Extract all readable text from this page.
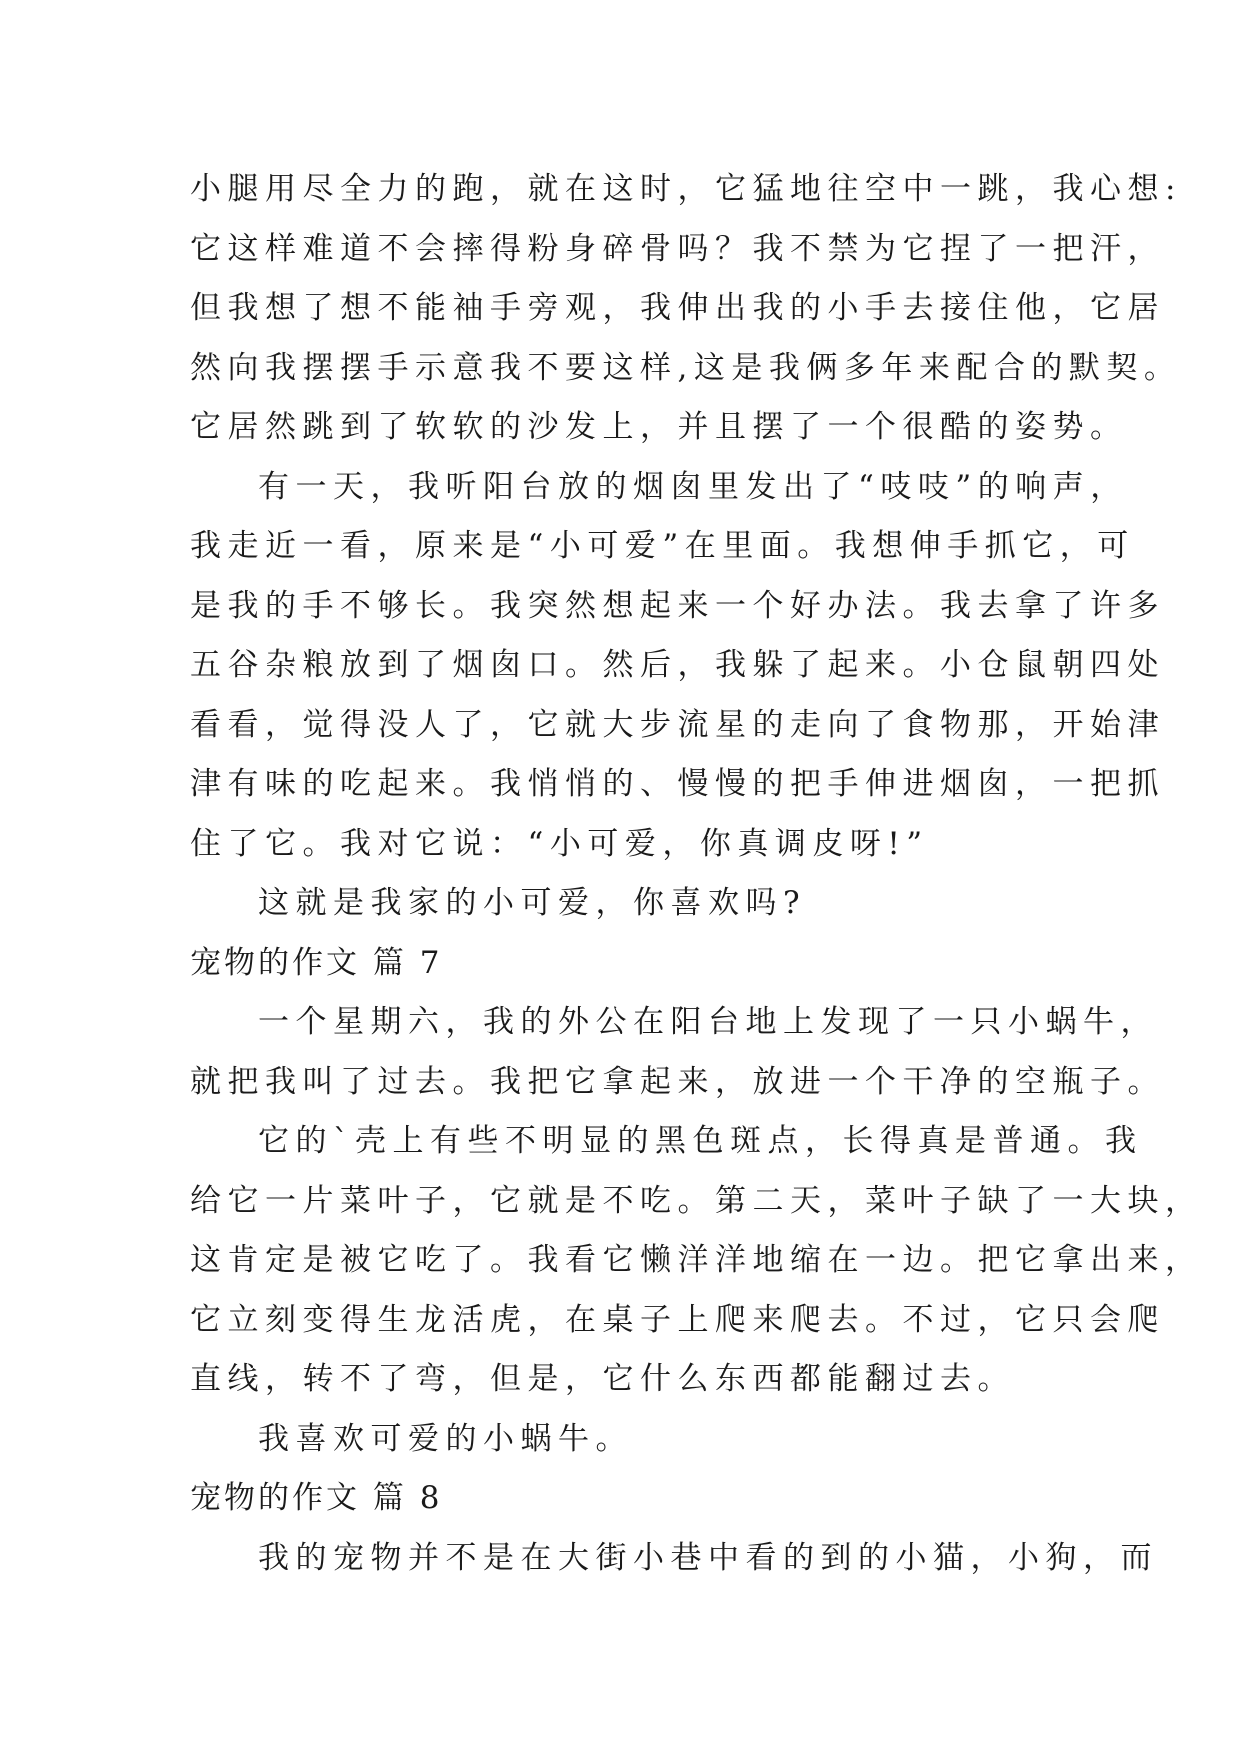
小腿用尽全力的跑，就在这时，它猛地往空中一跳，我心想:
它这样难道不会摔得粉身碎骨吗？我不禁为它捏了一把汗，
但我想了想不能袖手旁观，我伸出我的小手去接住他，它居
然向我摆摆手示意我不要这样,这是我俩多年来配合的默契。
它居然跳到了软软的沙发上，并且摆了一个很酷的姿势。
有一天，我听阳台放的烟囱里发出了“吱吱”的响声，
我走近一看，原来是“小可爱”在里面。我想伸手抓它，可
是我的手不够长。我突然想起来一个好办法。我去拿了许多
五谷杂粮放到了烟囱口。然后，我躲了起来。小仓鼠朝四处
看看，觉得没人了，它就大步流星的走向了食物那，开始津
津有味的吃起来。我悄悄的、慢慢的把手伸进烟囱，一把抓
住了它。我对它说：“小可爱，你真调皮呀!”
这就是我家的小可爱，你喜欢吗?
宠物的作文 篇 7
一个星期六，我的外公在阳台地上发现了一只小蜗牛，
就把我叫了过去。我把它拿起来，放进一个干净的空瓶子。
它的`壳上有些不明显的黑色斑点，长得真是普通。我
给它一片菜叶子，它就是不吃。第二天，菜叶子缺了一大块，
这肯定是被它吃了。我看它懒洋洋地缩在一边。把它拿出来，
它立刻变得生龙活虎，在桌子上爬来爬去。不过，它只会爬
直线，转不了弯，但是，它什么东西都能翻过去。
我喜欢可爱的小蜗牛。
宠物的作文 篇 8
我的宠物并不是在大街小巷中看的到的小猫，小狗，而
